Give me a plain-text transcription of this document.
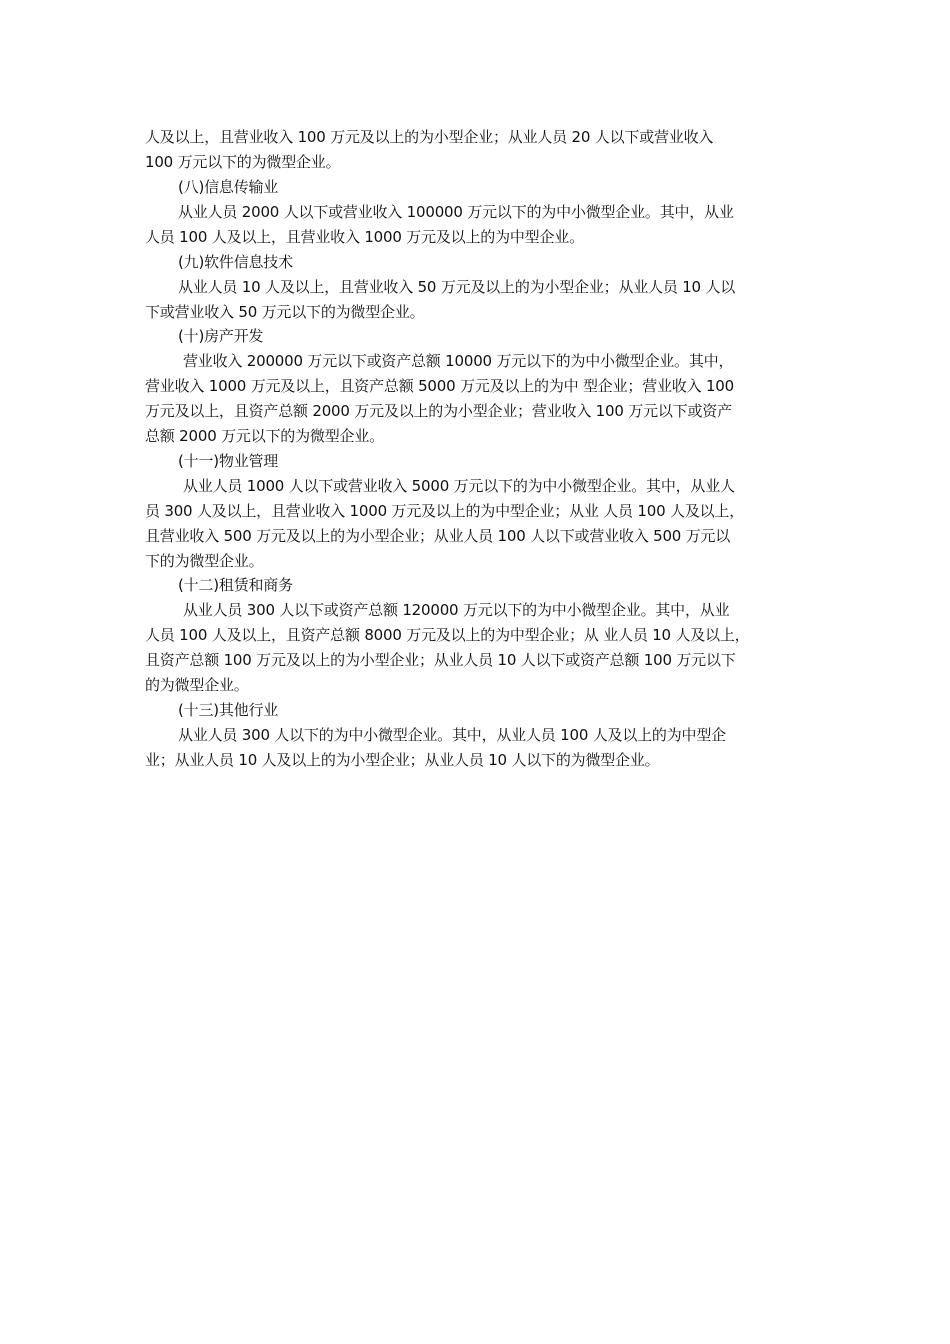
人及以上，且营业收入 100 万元及以上的为小型企业；从业人员 20 人以下或营业收入
100 万元以下的为微型企业。
(八)信息传输业
从业人员 2000 人以下或营业收入 100000 万元以下的为中小微型企业。其中，从业
人员 100 人及以上，且营业收入 1000 万元及以上的为中型企业。
(九)软件信息技术
从业人员 10 人及以上，且营业收入 50 万元及以上的为小型企业；从业人员 10 人以
下或营业收入 50 万元以下的为微型企业。
(十)房产开发
营业收入 200000 万元以下或资产总额 10000 万元以下的为中小微型企业。其中，
营业收入 1000 万元及以上，且资产总额 5000 万元及以上的为中 型企业；营业收入 100
万元及以上，且资产总额 2000 万元及以上的为小型企业；营业收入 100 万元以下或资产
总额 2000 万元以下的为微型企业。
(十一)物业管理
从业人员 1000 人以下或营业收入 5000 万元以下的为中小微型企业。其中，从业人
员 300 人及以上，且营业收入 1000 万元及以上的为中型企业；从业 人员 100 人及以上，
且营业收入 500 万元及以上的为小型企业；从业人员 100 人以下或营业收入 500 万元以
下的为微型企业。
(十二)租赁和商务
从业人员 300 人以下或资产总额 120000 万元以下的为中小微型企业。其中，从业
人员 100 人及以上，且资产总额 8000 万元及以上的为中型企业；从 业人员 10 人及以上，
且资产总额 100 万元及以上的为小型企业；从业人员 10 人以下或资产总额 100 万元以下
的为微型企业。
(十三)其他行业
从业人员 300 人以下的为中小微型企业。其中，从业人员 100 人及以上的为中型企
业；从业人员 10 人及以上的为小型企业；从业人员 10 人以下的为微型企业。
